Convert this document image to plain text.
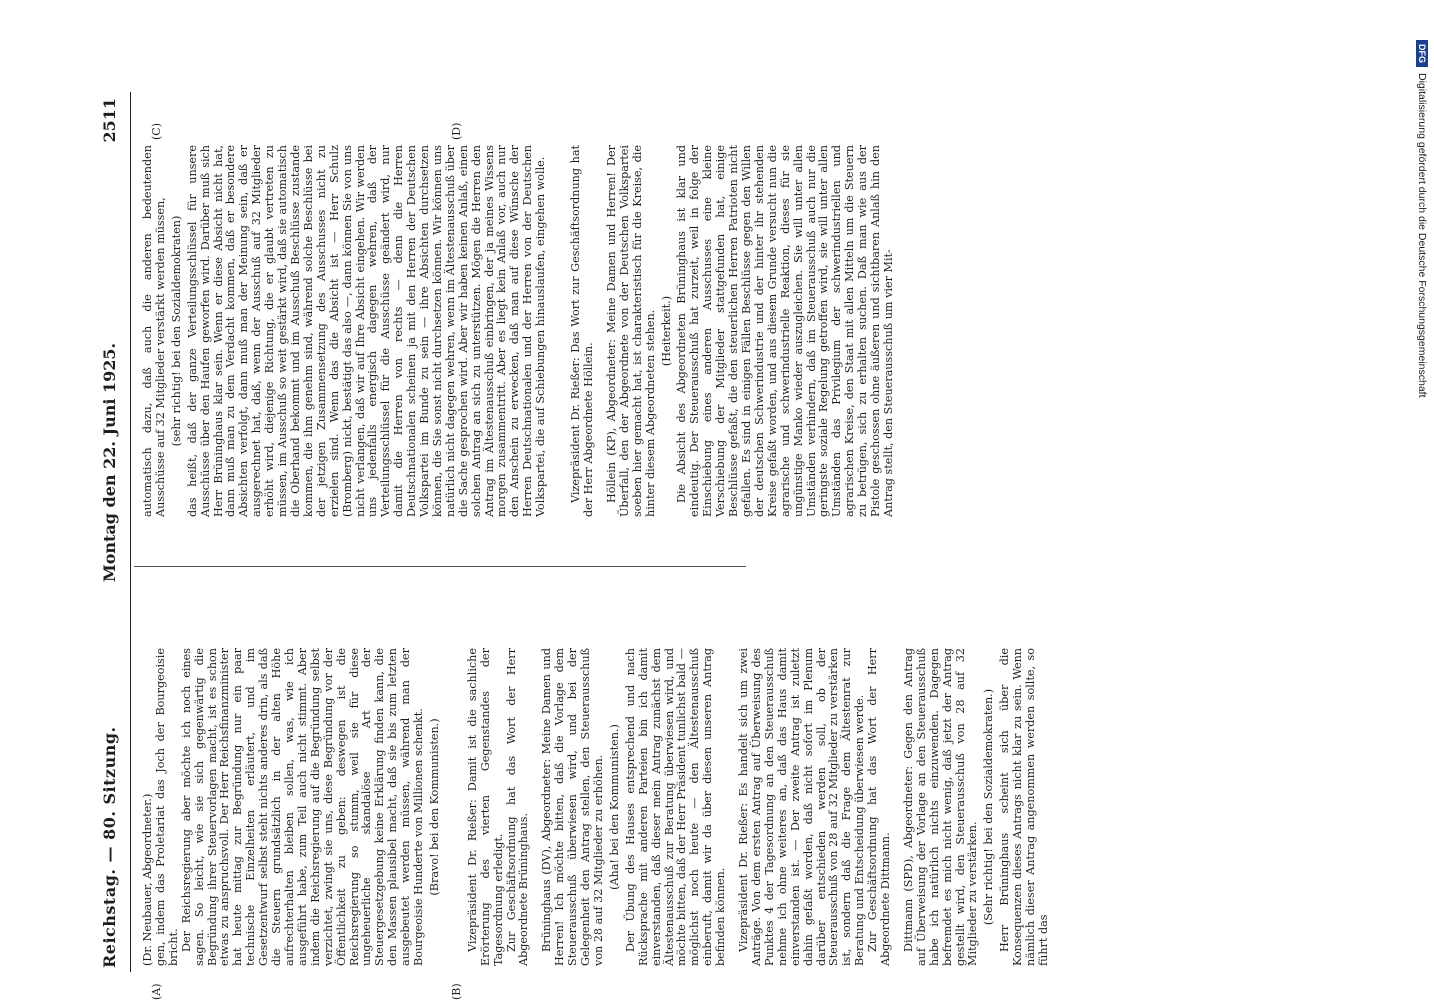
Reichstag. — 80. Sitzung.
Montag den 22. Juni 1925.
2511
(A)	(B)
(C)	(D)

(Dr. Neubauer, Abgeordneter.) gen, indem das Proletariat das Joch der Bourgeoisie bricht. Der Reichsregierung aber möchte ich noch eines sagen. So leicht, wie sie sich gegenwärtig die Begründung ihrer Steuervorlagen macht, ist es schon etwas zu anspruchsvoll. Der Herr Reichsfinanzminister hat heute mittag zur Begründung nur ein paar technische Einzelheiten erläutert, und im Gesetzentwurf selbst steht nichts anderes drin, als daß die Steuern grundsätzlich in der alten Höhe aufrechterhalten bleiben sollen, was, wie ich ausgeführt habe, zum Teil auch nicht stimmt. Aber indem die Reichsregierung auf die Begründung selbst verzichtet, zwingt sie uns, diese Begründung vor der Öffentlichkeit zu geben: deswegen ist die Reichsregierung so stumm, weil sie für diese ungeheuerliche skandalöse Art der Steuergesetzgebung keine Erklärung finden kann, die den Massen plausibel macht, daß sie bis zum letzten ausgebeutet werden müssen, während man der Bourgeoisie Hunderte von Millionen schenkt. (Bravo! bei den Kommunisten.) Vizepräsident Dr. Rießer: Damit ist die sachliche Erörterung des vierten Gegenstandes der Tagesordnung erledigt. Zur Geschäftsordnung hat das Wort der Herr Abgeordnete Brüninghaus. Brüninghaus (DV), Abgeordneter: Meine Damen und Herren! Ich möchte bitten, daß die Vorlage dem Steuerausschuß überwiesen wird, und bei der Gelegenheit den Antrag stellen, den Steuerausschuß von 28 auf 32 Mitglieder zu erhöhen. (Aha! bei den Kommunisten.) Der Übung des Hauses entsprechend und nach Rücksprache mit anderen Parteien bin ich damit einverstanden, daß dieser mein Antrag zunächst dem Ältestenausschuß zur Beratung überwiesen wird, und möchte bitten, daß der Herr Präsident tunlichst bald — möglichst noch heute — den Ältestenausschuß einberuft, damit wir da über diesen unseren Antrag befinden können. Vizepräsident Dr. Rießer: Es handelt sich um zwei Anträge. Von dem ersten Antrag auf Überweisung des Punktes 4 der Tagesordnung an den Steuerausschuß nehme ich ohne weiteres an, daß das Haus damit einverstanden ist. — Der zweite Antrag ist zuletzt dahin gefaßt worden, daß nicht sofort im Plenum darüber entschieden werden soll, ob der Steuerausschuß von 28 auf 32 Mitglieder zu verstärken ist, sondern daß die Frage dem Ältestenrat zur Beratung und Entscheidung überwiesen werde. Zur Geschäftsordnung hat das Wort der Herr Abgeordnete Dittmann. Dittmann (SPD), Abgeordneter: Gegen den Antrag auf Überweisung der Vorlage an den Steuerausschuß habe ich natürlich nichts einzuwenden. Dagegen befremdet es mich nicht wenig, daß jetzt der Antrag gestellt wird, den Steuerausschuß von 28 auf 32 Mitglieder zu verstärken. (Sehr richtig! bei den Sozialdemokraten.) Herr Brüninghaus scheint sich über die Konsequenzen dieses Antrags nicht klar zu sein. Wenn nämlich dieser Antrag angenommen werden sollte, so führt das

automatisch dazu, daß auch die anderen bedeutenden Ausschüsse auf 32 Mitglieder verstärkt werden müssen, (sehr richtig! bei den Sozialdemokraten) das heißt, daß der ganze Verteilungsschlüssel für unsere Ausschüsse über den Haufen geworfen wird. Darüber muß sich Herr Brüninghaus klar sein. Wenn er diese Absicht nicht hat, dann muß man zu dem Verdacht kommen, daß er besondere Absichten verfolgt, dann muß man der Meinung sein, daß er ausgerechnet hat, daß, wenn der Ausschuß auf 32 Mitglieder erhöht wird, diejenige Richtung, die er glaubt vertreten zu müssen, im Ausschuß so weit gestärkt wird, daß sie automatisch die Oberhand bekommt und im Ausschuß Beschlüsse zustande kommen, die ihm genehm sind, während solche Beschlüsse bei der jetzigen Zusammensetzung des Ausschusses nicht zu erzielen sind. Wenn das die Absicht ist — Herr Schulz (Bromberg) nickt, bestätigt das also —, dann können Sie von uns nicht verlangen, daß wir auf Ihre Absicht eingehen. Wir werden uns jedenfalls energisch dagegen wehren, daß der Verteilungsschlüssel für die Ausschüsse geändert wird, nur damit die Herren von rechts — denn die Herren Deutschnationalen scheinen ja mit den Herren der Deutschen Volkspartei im Bunde zu sein — ihre Absichten durchsetzen können, die Sie sonst nicht durchsetzen können. Wir können uns natürlich nicht dagegen wehren, wenn im Ältestenausschuß über die Sache gesprochen wird. Aber wir haben keinen Anlaß, einen solchen Antrag an sich zu unterstützen. Mögen die Herren den Antrag im Ältestenausschuß einbringen, der ja meines Wissens morgen zusammentritt. Aber es liegt kein Anlaß vor, auch nur den Anschein zu erwecken, daß man auf diese Wünsche der Herren Deutschnationalen und der Herren von der Deutschen Volkspartei, die auf Schiebungen hinauslaufen, eingehen wolle. Vizepräsident Dr. Rießer: Das Wort zur Geschäftsordnung hat der Herr Abgeordnete Höllein. Höllein (KP), Abgeordneter: Meine Damen und Herren! Der Überfall, den der Abgeordnete von der Deutschen Volkspartei soeben hier gemacht hat, ist charakteristisch für die Kreise, die hinter diesem Abgeordneten stehen. (Heiterkeit.) Die Absicht des Abgeordneten Brüninghaus ist klar und eindeutig. Der Steuerausschuß hat zurzeit, weil in folge der Einschiebung eines anderen Ausschusses eine kleine Verschiebung der Mitglieder stattgefunden hat, einige Beschlüsse gefaßt, die den steuerlichen Herren Patrioten nicht gefallen. Es sind in einigen Fällen Beschlüsse gegen den Willen der deutschen Schwerindustrie und der hinter ihr stehenden Kreise gefaßt worden, und aus diesem Grunde versucht nun die agrarische und schwerindustrielle Reaktion, dieses für sie ungünstige Manko wieder auszugleichen. Sie will unter allen Umständen verhindern, daß im Steuerausschuß auch nur die geringste soziale Regelung getroffen wird, sie will unter allen Umständen das Privilegium der schwerindustriellen und agrarischen Kreise, den Staat mit allen Mitteln um die Steuern zu betrügen, sich zu erhalten suchen. Daß man wie aus der Pistole geschossen ohne äußeren und sichtbaren Anlaß hin den Antrag stellt, den Steuerausschuß um vier Mit-

DFGDigitalisierung gefördert durch die Deutsche Forschungsgemeinschaft
